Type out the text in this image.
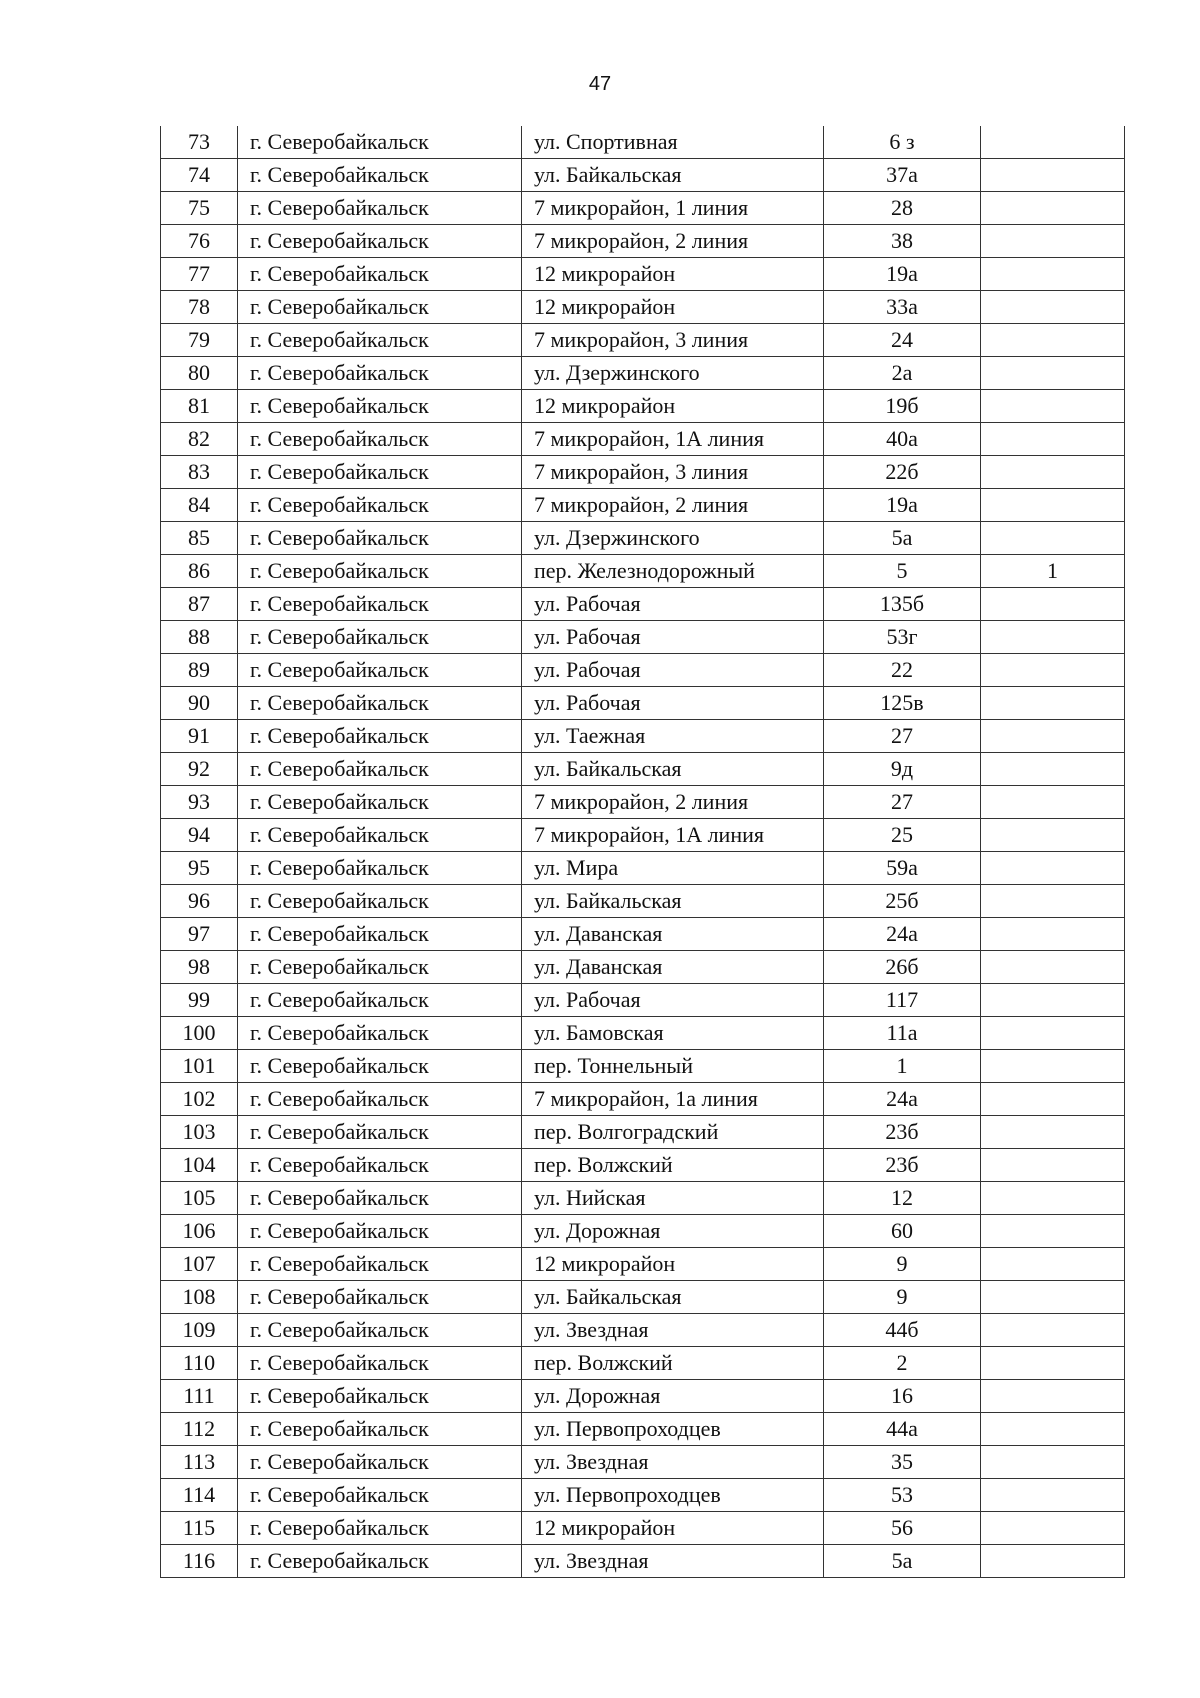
47
73	г. Северобайкальск	ул. Спортивная	6 з	
74	г. Северобайкальск	ул. Байкальская	37а	
75	г. Северобайкальск	7 микрорайон, 1 линия	28	
76	г. Северобайкальск	7 микрорайон, 2 линия	38	
77	г. Северобайкальск	12 микрорайон	19а	
78	г. Северобайкальск	12 микрорайон	33а	
79	г. Северобайкальск	7 микрорайон, 3 линия	24	
80	г. Северобайкальск	ул. Дзержинского	2а	
81	г. Северобайкальск	12 микрорайон	19б	
82	г. Северобайкальск	7 микрорайон, 1А линия	40а	
83	г. Северобайкальск	7 микрорайон, 3 линия	22б	
84	г. Северобайкальск	7 микрорайон, 2 линия	19а	
85	г. Северобайкальск	ул. Дзержинского	5а	
86	г. Северобайкальск	пер. Железнодорожный	5	1
87	г. Северобайкальск	ул. Рабочая	135б	
88	г. Северобайкальск	ул. Рабочая	53г	
89	г. Северобайкальск	ул. Рабочая	22	
90	г. Северобайкальск	ул. Рабочая	125в	
91	г. Северобайкальск	ул. Таежная	27	
92	г. Северобайкальск	ул. Байкальская	9д	
93	г. Северобайкальск	7 микрорайон, 2 линия	27	
94	г. Северобайкальск	7 микрорайон, 1А линия	25	
95	г. Северобайкальск	ул. Мира	59а	
96	г. Северобайкальск	ул. Байкальская	25б	
97	г. Северобайкальск	ул. Даванская	24а	
98	г. Северобайкальск	ул. Даванская	26б	
99	г. Северобайкальск	ул. Рабочая	117	
100	г. Северобайкальск	ул. Бамовская	11а	
101	г. Северобайкальск	пер. Тоннельный	1	
102	г. Северобайкальск	7 микрорайон, 1а линия	24а	
103	г. Северобайкальск	пер. Волгоградский	23б	
104	г. Северобайкальск	пер. Волжский	23б	
105	г. Северобайкальск	ул. Нийская	12	
106	г. Северобайкальск	ул. Дорожная	60	
107	г. Северобайкальск	12 микрорайон	9	
108	г. Северобайкальск	ул. Байкальская	9	
109	г. Северобайкальск	ул. Звездная	44б	
110	г. Северобайкальск	пер. Волжский	2	
111	г. Северобайкальск	ул. Дорожная	16	
112	г. Северобайкальск	ул. Первопроходцев	44а	
113	г. Северобайкальск	ул. Звездная	35	
114	г. Северобайкальск	ул. Первопроходцев	53	
115	г. Северобайкальск	12 микрорайон	56	
116	г. Северобайкальск	ул. Звездная	5а	
